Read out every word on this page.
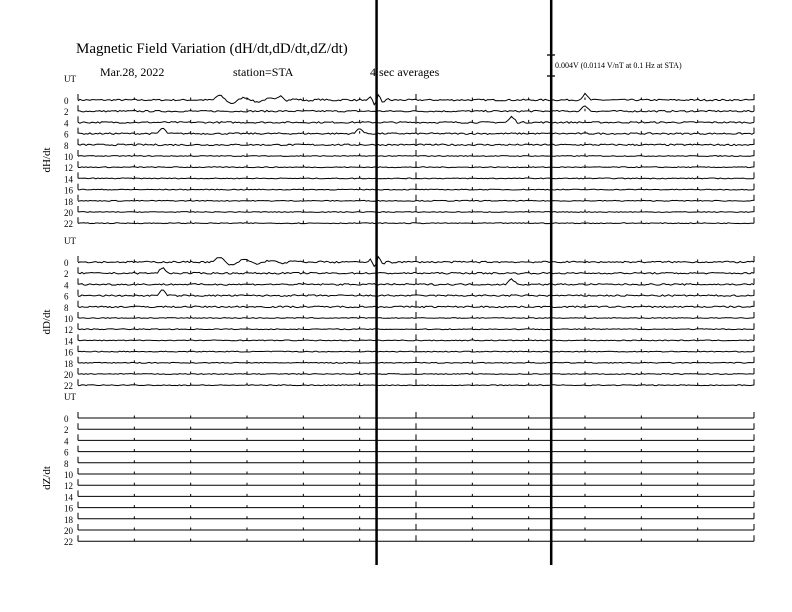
Magnetic Field Variation (dH/dt,dD/dt,dZ/dt)
Mar.28, 2022	station=STA	4 sec averages	0.004V (0.0114 V/nT at 0.1 Hz at STA)
dH/dt
UT
0
2
4
6
8
10
12
14
16
18
20
22
dD/dt
UT
0
2
4
6
8
10
12
14
16
18
20
22
dZ/dt
UT
0
2
4
6
8
10
12
14
16
18
20
22
